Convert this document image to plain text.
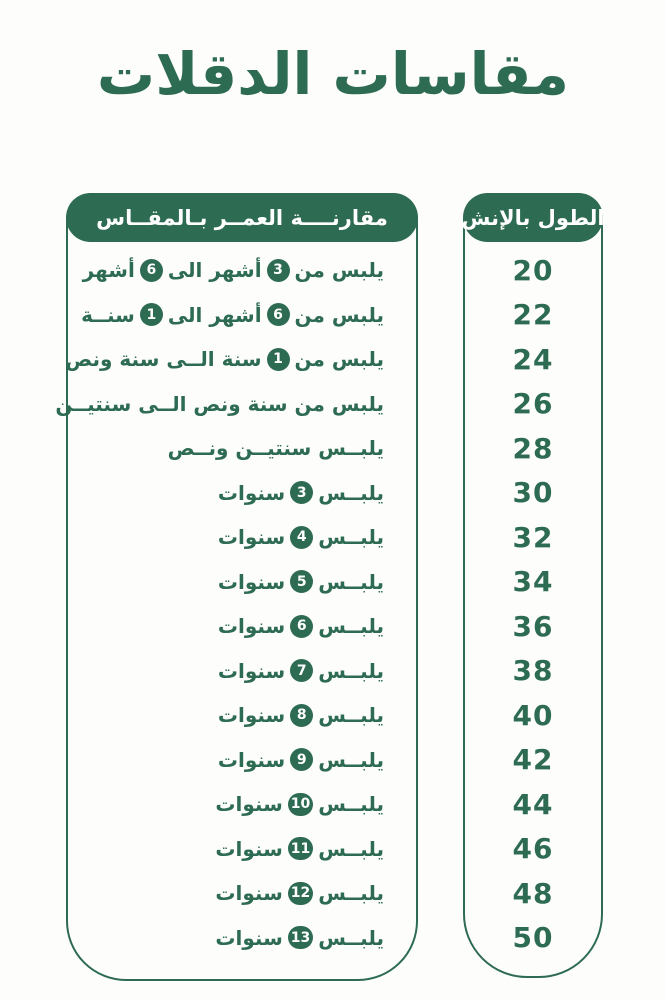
مقاسات الدقلات
مقارنــــة العمــر بـالمقــاس
يلبس من
3
أشهر الى
6
أشهر
يلبس من
6
أشهر الى
1
سنــة
يلبس من
1
سنة الــى سنة ونص
يلبس من سنة ونص الــى سنتيــن
يلبــس سنتيــن ونــص
يلبــس
3
سنوات
يلبــس
4
سنوات
يلبــس
5
سنوات
يلبــس
6
سنوات
يلبــس
7
سنوات
يلبــس
8
سنوات
يلبــس
9
سنوات
يلبــس
10
سنوات
يلبــس
11
سنوات
يلبــس
12
سنوات
يلبــس
13
سنوات
الطول بالإنش
20
22
24
26
28
30
32
34
36
38
40
42
44
46
48
50
